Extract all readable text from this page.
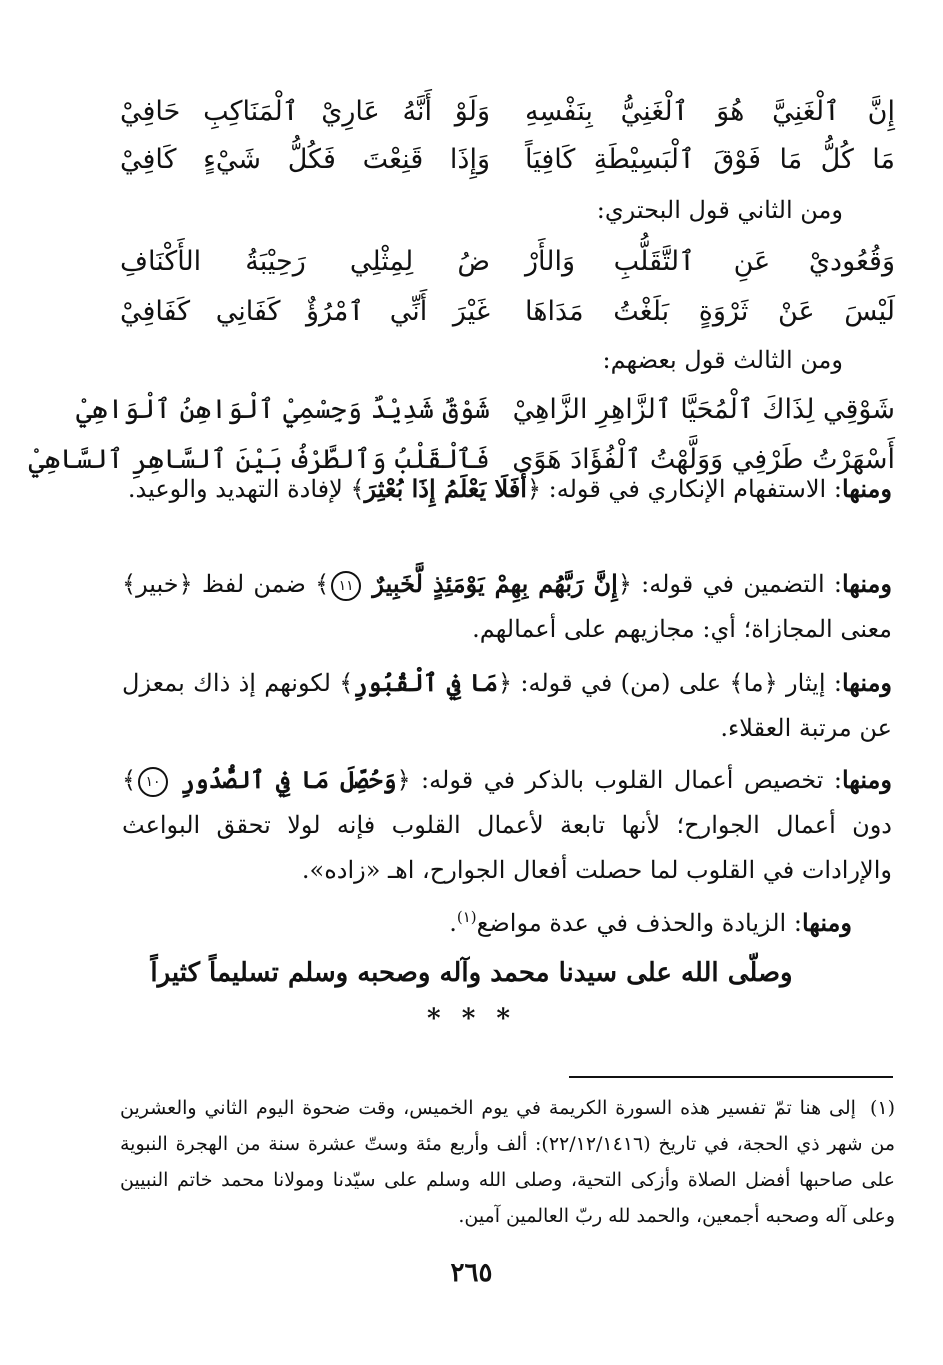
إِنَّ ٱلْغَنِيَّ هُوَ ٱلْغَنِيُّ بِنَفْسِهِ
وَلَوْ أَنَّهُ عَارِيْ ٱلْمَنَاكِبِ حَافِيْ
مَا كُلُّ مَا فَوْقَ ٱلْبَسِيْطَةِ كَافِيَاً
وَإِذَا قَنِعْتَ فَكُلُّ شَيْءٍ كَافِيْ
ومن الثاني قول البحتري:
وَقُعُوديْ عَنِ ٱلتَّقَلُّبِ وَالأَرْ
ضُ لِمِثْلِي رَحِيْبَةُ الأَكْنَافِ
لَيْسَ عَنْ ثَرْوَةٍ بَلَغْتُ مَدَاهَا
غَيْرَ أَنِّي ٱمْرُؤٌ كَفَانِي كَفَافِيْ
ومن الثالث قول بعضهم:
شَوْقِي لِذَاكَ ٱلْمُحَيَّا ٱلزَّاهِرِ الزَّاهِيْ
شَوْقٌ شَدِيْدٌ وَجِسْمِيْ ٱلْوَاهِنُ ٱلْوَاهِيْ
أَسْهَرْتُ طَرْفِي وَوَلَّهْتُ ٱلْفُؤَادَ هَوًى
فَٱلْقَلْبُ وَٱلطَّرْفُ بَيْنَ ٱلسَّاهِرِ ٱلسَّاهِيْ

ومنها: الاستفهام الإنكاري في قوله: ﴿أَفَلَا يَعْلَمُ إِذَا بُعْثِرَ﴾ لإفادة التهديد والوعيد.

ومنها: التضمين في قوله: ﴿إِنَّ رَبَّهُم بِهِمْ يَوْمَئِذٍ لَّخَبِيرٌ ١١﴾ ضمن لفظ ﴿خبير﴾ معنى المجازاة؛ أي: مجازيهم على أعمالهم.

ومنها: إيثار ﴿ما﴾ على (من) في قوله: ﴿مَا فِي ٱلْقُبُورِ﴾ لكونهم إذ ذاك بمعزل عن مرتبة العقلاء.

ومنها: تخصيص أعمال القلوب بالذكر في قوله: ﴿وَحُصِّلَ مَا فِي ٱلصُّدُورِ ١٠﴾ دون أعمال الجوارح؛ لأنها تابعة لأعمال القلوب فإنه لولا تحقق البواعث والإرادات في القلوب لما حصلت أفعال الجوارح، اهـ «زاده».

ومنها: الزيادة والحذف في عدة مواضع$^{(١)}$.

وصلّى الله على سيدنا محمد وآله وصحبه وسلم تسليماً كثيراً
* * *
(١)إلى هنا تمّ تفسير هذه السورة الكريمة في يوم الخميس، وقت ضحوة اليوم الثاني والعشرين من شهر ذي الحجة، في تاريخ (٢٢/١٢/١٤١٦): ألف وأربع مئة وستّ عشرة سنة من الهجرة النبوية على صاحبها أفضل الصلاة وأزكى التحية، وصلى الله وسلم على سيّدنا ومولانا محمد خاتم النبيين وعلى آله وصحبه أجمعين، والحمد لله ربّ العالمين آمين.
٢٦٥
